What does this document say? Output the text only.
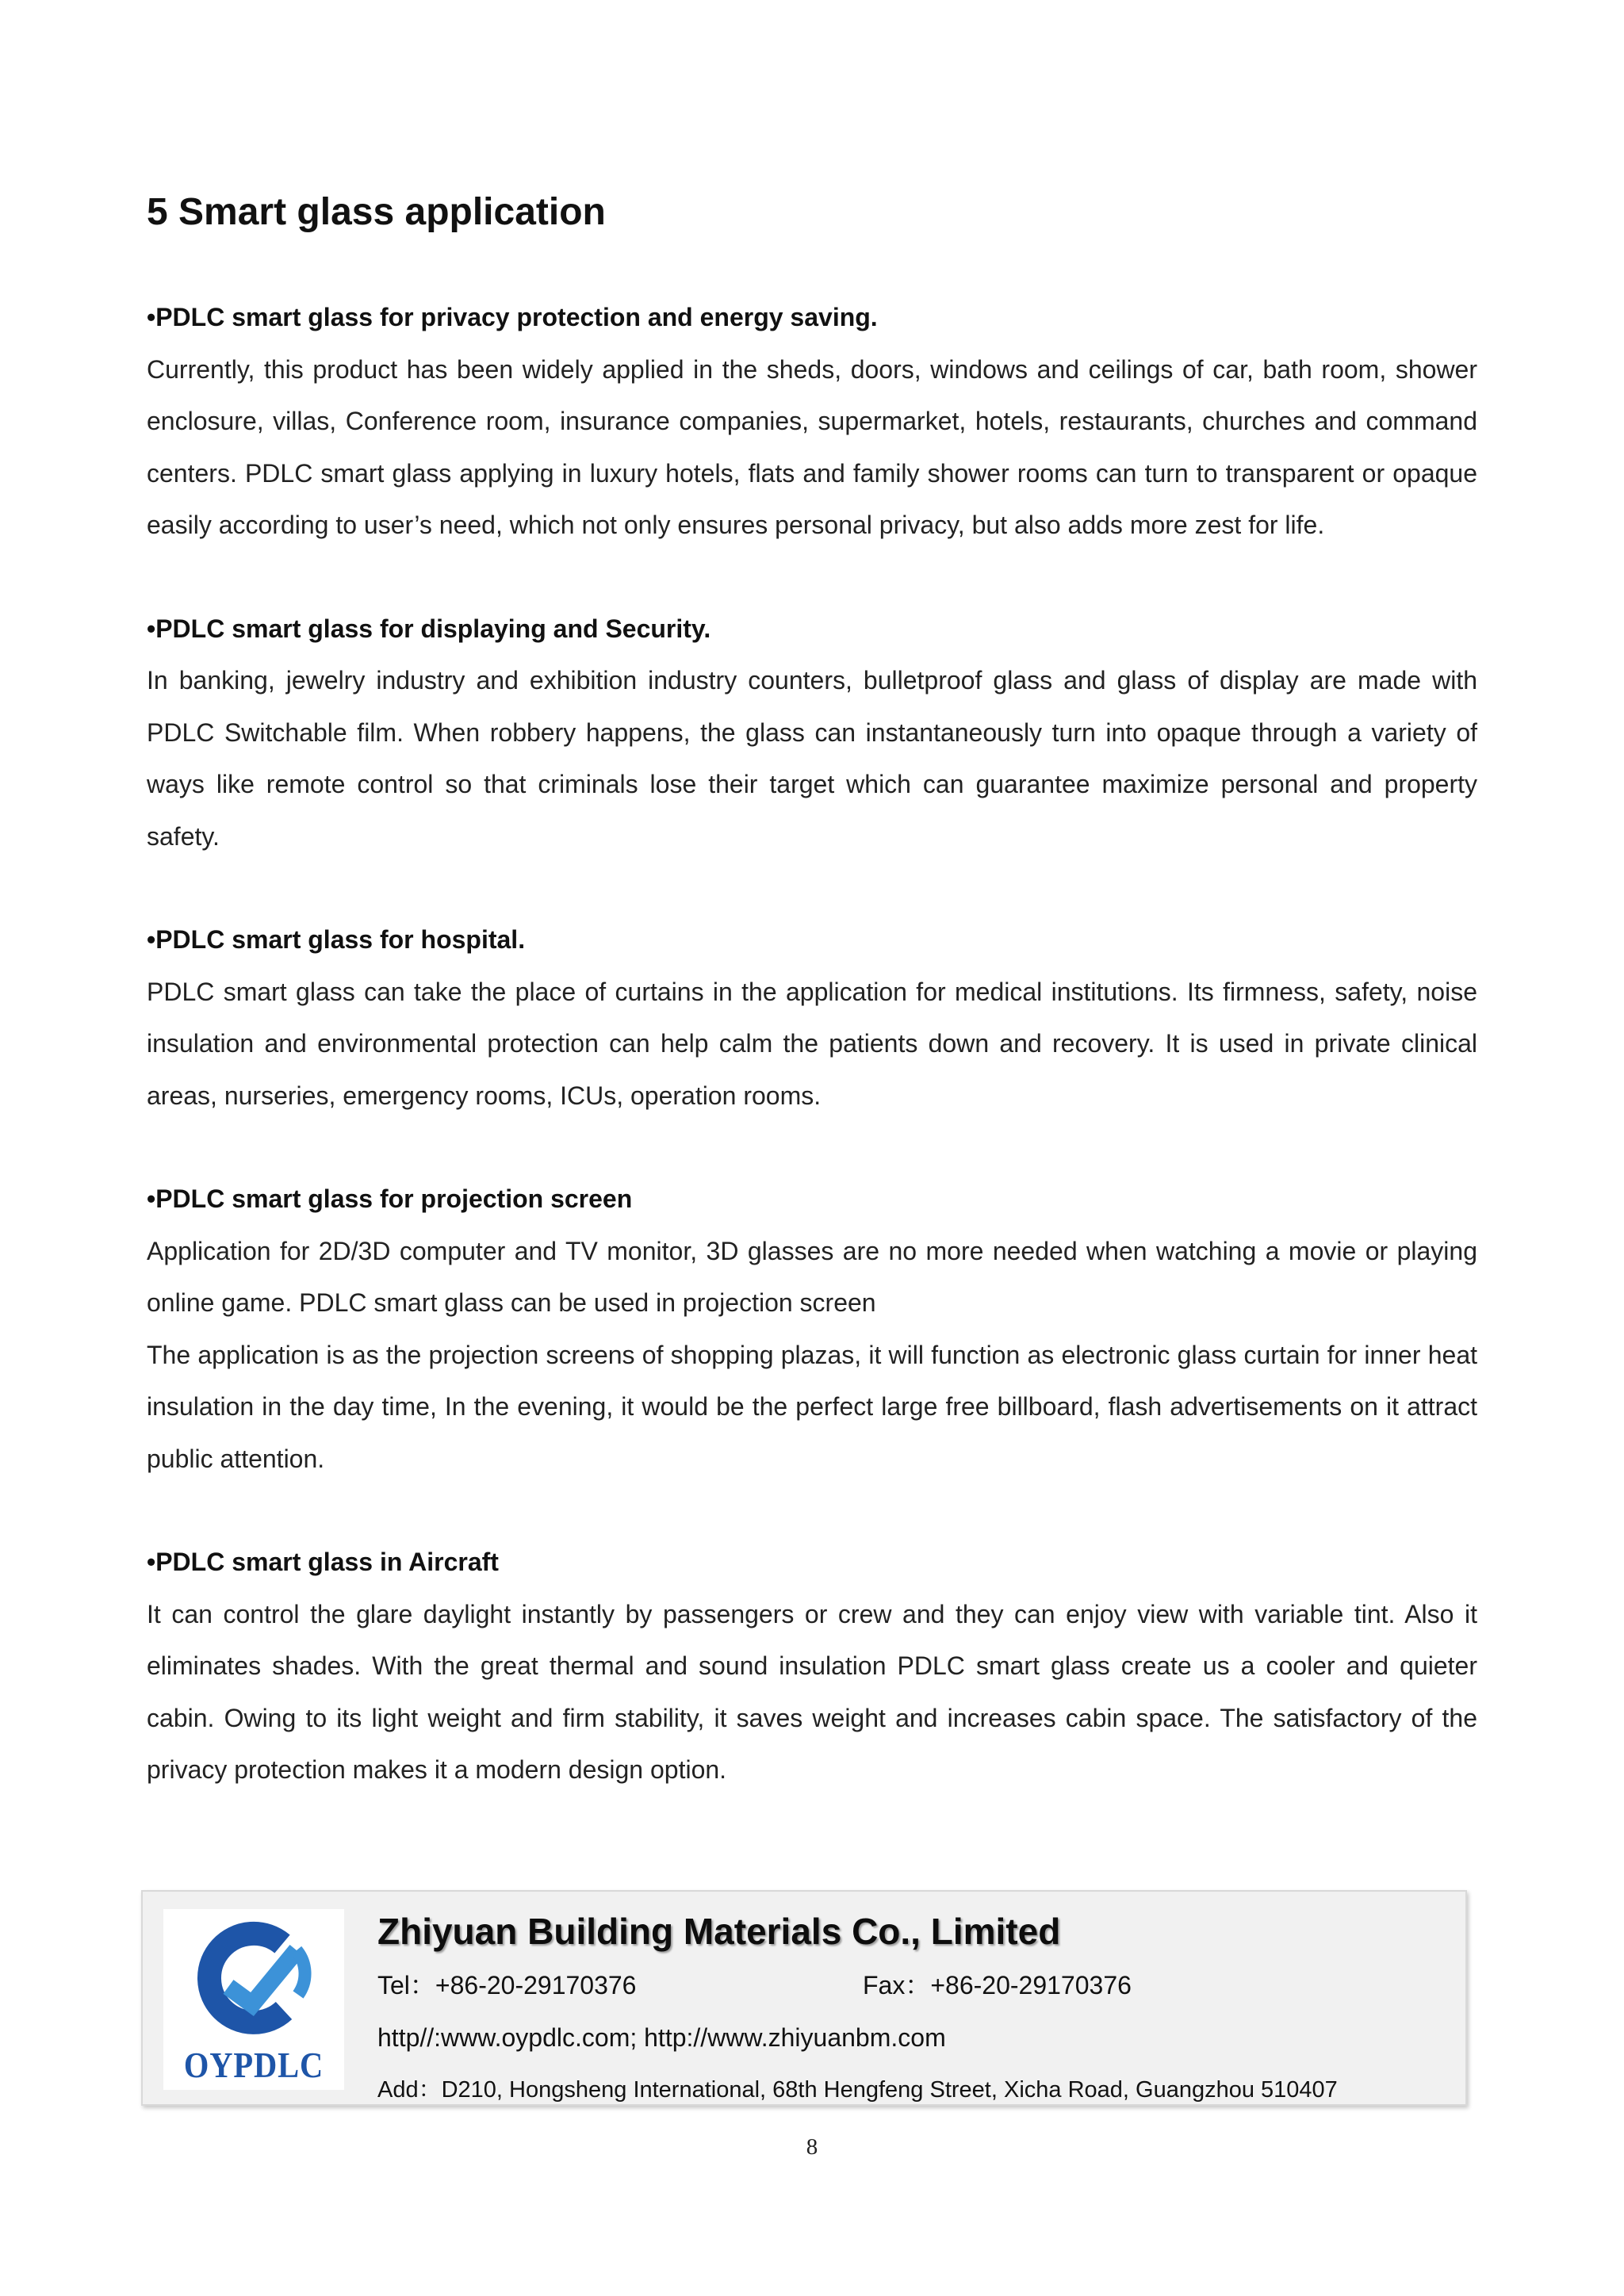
5 Smart glass application

•PDLC smart glass for privacy protection and energy saving.

Currently, this product has been widely applied in the sheds, doors, windows and ceilings of car, bath room, shower enclosure, villas, Conference room, insurance companies, supermarket, hotels, restaurants, churches and command centers. PDLC smart glass applying in luxury hotels, flats and family shower rooms can turn to transparent or opaque easily according to user’s need, which not only ensures personal privacy, but also adds more zest for life.

•PDLC smart glass for displaying and Security.

In banking, jewelry industry and exhibition industry counters, bulletproof glass and glass of display are made with PDLC Switchable film. When robbery happens, the glass can instantaneously turn into opaque through a variety of ways like remote control so that criminals lose their target which can guarantee maximize personal and property safety.

•PDLC smart glass for hospital.

PDLC smart glass can take the place of curtains in the application for medical institutions. Its firmness, safety, noise insulation and environmental protection can help calm the patients down and recovery. It is used in private clinical areas, nurseries, emergency rooms, ICUs, operation rooms.

•PDLC smart glass for projection screen

Application for 2D/3D computer and TV monitor, 3D glasses are no more needed when watching a movie or playing online game. PDLC smart glass can be used in projection screen

The application is as the projection screens of shopping plazas, it will function as electronic glass curtain for inner heat insulation in the day time, In the evening, it would be the perfect large free billboard, flash advertisements on it attract public attention.

•PDLC smart glass in Aircraft

It can control the glare daylight instantly by passengers or crew and they can enjoy view with variable tint. Also it eliminates shades. With the great thermal and sound insulation PDLC smart glass create us a cooler and quieter cabin. Owing to its light weight and firm stability, it saves weight and increases cabin space. The satisfactory of the privacy protection makes it a modern design option.

OYPDLC

Zhiyuan Building Materials Co., Limited

Tel：+86-20-29170376	Fax：+86-20-29170376

http//:www.oypdlc.com; http://www.zhiyuanbm.com

Add：D210, Hongsheng International, 68th Hengfeng Street, Xicha Road, Guangzhou 510407

8
